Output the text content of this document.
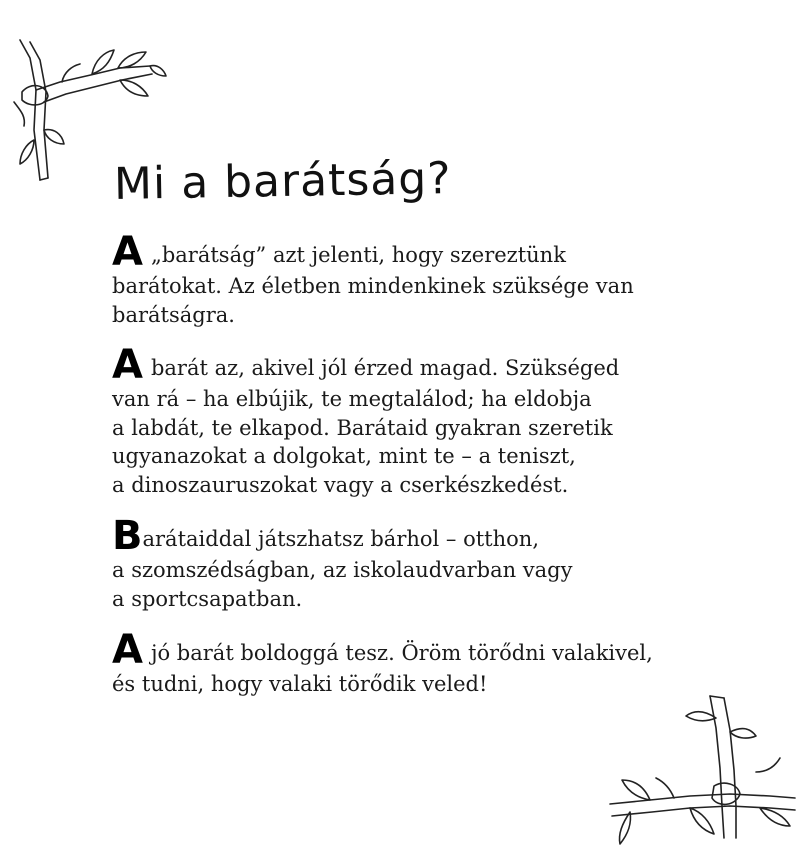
Mi a barátság?
A „barátság” azt jelenti, hogy szereztünk
barátokat. Az életben mindenkinek szüksége van
barátságra.
Abarát az, akivel jól érzed magad. Szükséged
van rá – ha elbújik, te megtalálod; ha eldobja
a labdát, te elkapod. Barátaid gyakran szeretik
ugyanazokat a dolgokat, mint te – a teniszt,
a dinoszauruszokat vagy a cserkészkedést.
Barátaiddal játszhatsz bárhol – otthon,
a szomszédságban, az iskolaudvarban vagy
a sportcsapatban.
Ajó barát boldoggá tesz. Öröm törődni valakivel,
és tudni, hogy valaki törődik veled!
